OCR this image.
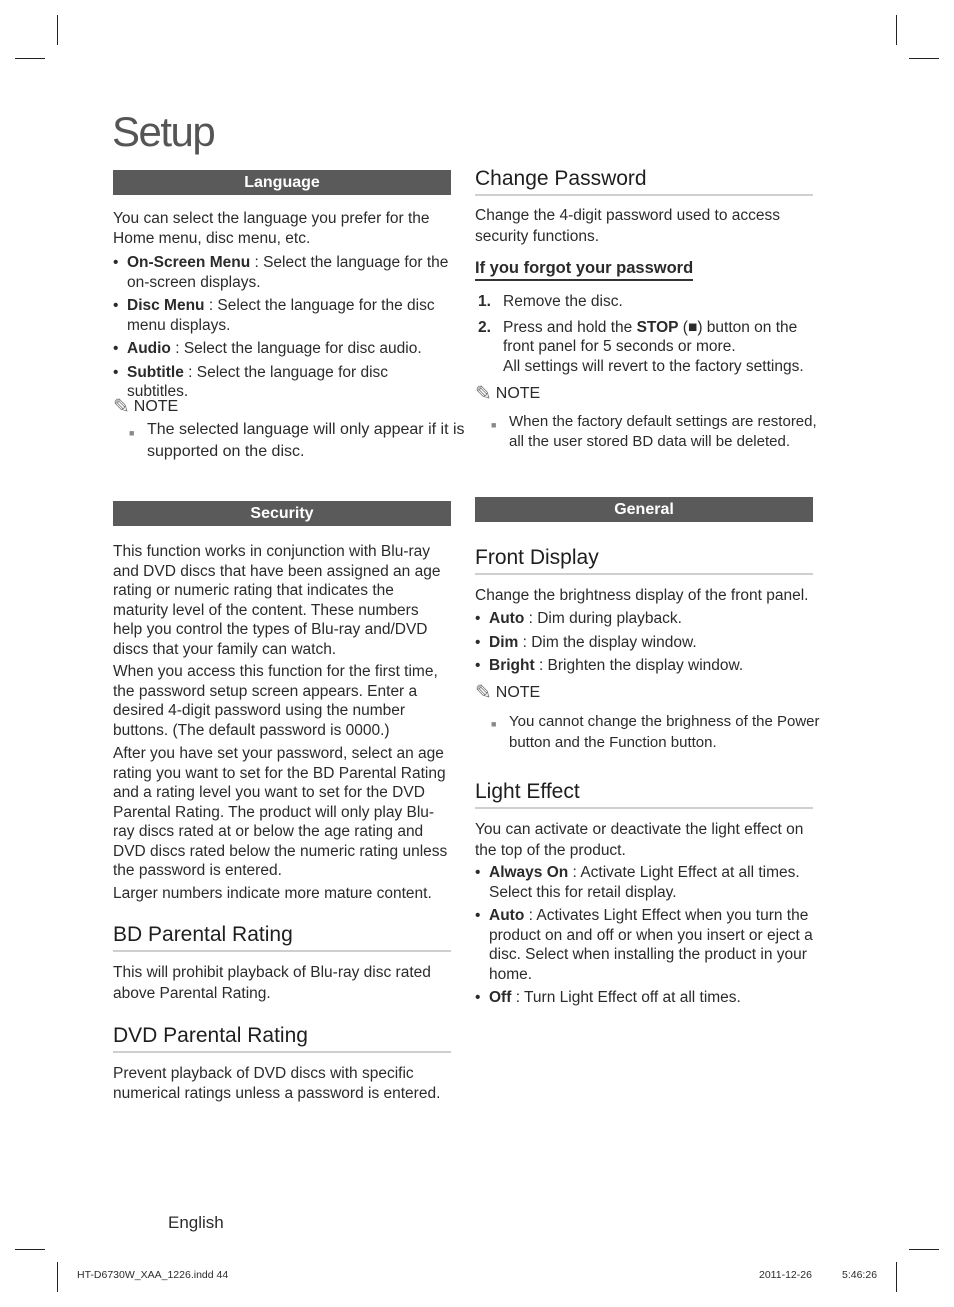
Setup
Language
You can select the language you prefer for the Home menu, disc menu, etc.
• On-Screen Menu : Select the language for the on-screen displays.
• Disc Menu : Select the language for the disc menu displays.
• Audio : Select the language for disc audio.
• Subtitle : Select the language for disc subtitles.
✎ NOTE
■ The selected language will only appear if it is supported on the disc.
Security
This function works in conjunction with Blu-ray and DVD discs that have been assigned an age rating or numeric rating that indicates the maturity level of the content. These numbers help you control the types of Blu-ray and/DVD discs that your family can watch.
When you access this function for the first time, the password setup screen appears. Enter a desired 4-digit password using the number buttons. (The default password is 0000.)
After you have set your password, select an age rating you want to set for the BD Parental Rating and a rating level you want to set for the DVD Parental Rating. The product will only play Blu-ray discs rated at or below the age rating and DVD discs rated below the numeric rating unless the password is entered.
Larger numbers indicate more mature content.
BD Parental Rating
This will prohibit playback of Blu-ray disc rated above Parental Rating.
DVD Parental Rating
Prevent playback of DVD discs with specific numerical ratings unless a password is entered.
Change Password
Change the 4-digit password used to access security functions.
If you forgot your password
1. Remove the disc.
2. Press and hold the STOP (■) button on the front panel for 5 seconds or more.
All settings will revert to the factory settings.
✎ NOTE
■ When the factory default settings are restored, all the user stored BD data will be deleted.
General
Front Display
Change the brightness display of the front panel.
• Auto : Dim during playback.
• Dim : Dim the display window.
• Bright : Brighten the display window.
✎ NOTE
■ You cannot change the brighness of the Power button and the Function button.
Light Effect
You can activate or deactivate the light effect on the top of the product.
• Always On : Activate Light Effect at all times. Select this for retail display.
• Auto : Activates Light Effect when you turn the product on and off or when you insert or eject a disc. Select when installing the product in your home.
• Off : Turn Light Effect off at all times.
English
HT-D6730W_XAA_1226.indd 44	2011-12-26	5:46:26
